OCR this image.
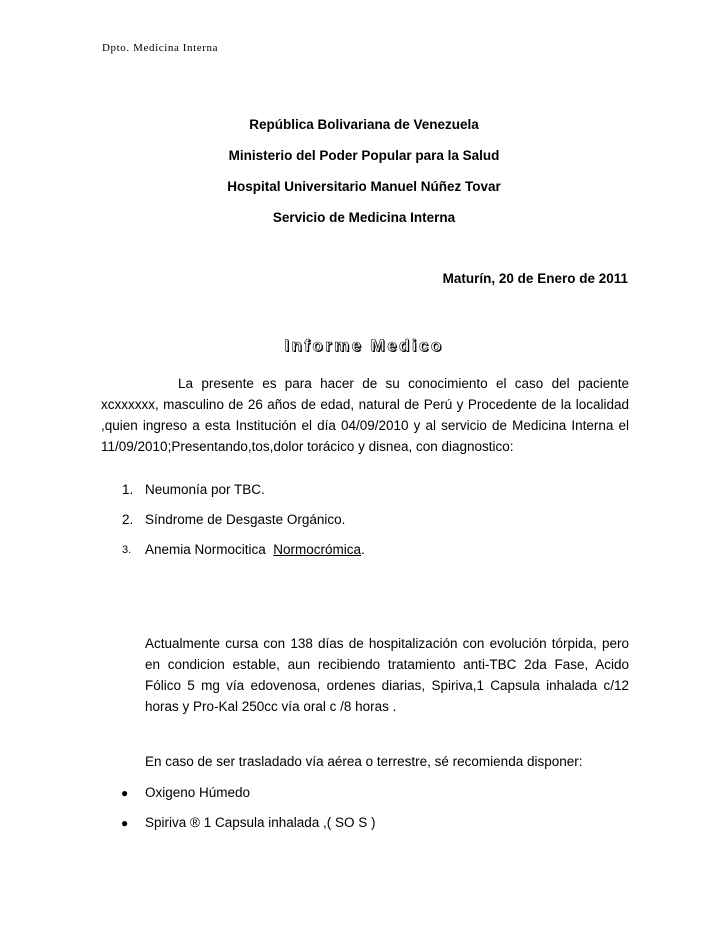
Dpto. Medicina Interna
República Bolivariana de Venezuela
Ministerio del Poder Popular para la Salud
Hospital Universitario Manuel Núñez Tovar
Servicio de Medicina Interna
Maturín, 20 de Enero de 2011
Informe Medico
La presente es para hacer de su conocimiento el caso del paciente xcxxxxxx, masculino de 26 años de edad, natural de Perú y Procedente de la localidad ,quien ingreso a esta Institución el día 04/09/2010 y al servicio de Medicina Interna el 11/09/2010;Presentando,tos,dolor torácico y disnea, con diagnostico:
1. Neumonía por TBC.
2. Síndrome de Desgaste Orgánico.
3. Anemia Normocitica  Normocrómica.
Actualmente cursa con 138 días de hospitalización con evolución tórpida, pero en condicion estable, aun recibiendo tratamiento anti-TBC 2da Fase, Acido Fólico 5 mg vía edovenosa, ordenes diarias, Spiriva,1 Capsula inhalada c/12 horas y Pro-Kal 250cc vía oral c /8 horas .
En caso de ser trasladado vía aérea o terrestre, sé recomienda disponer:
● Oxigeno Húmedo
● Spiriva ® 1 Capsula inhalada ,( SO S )
